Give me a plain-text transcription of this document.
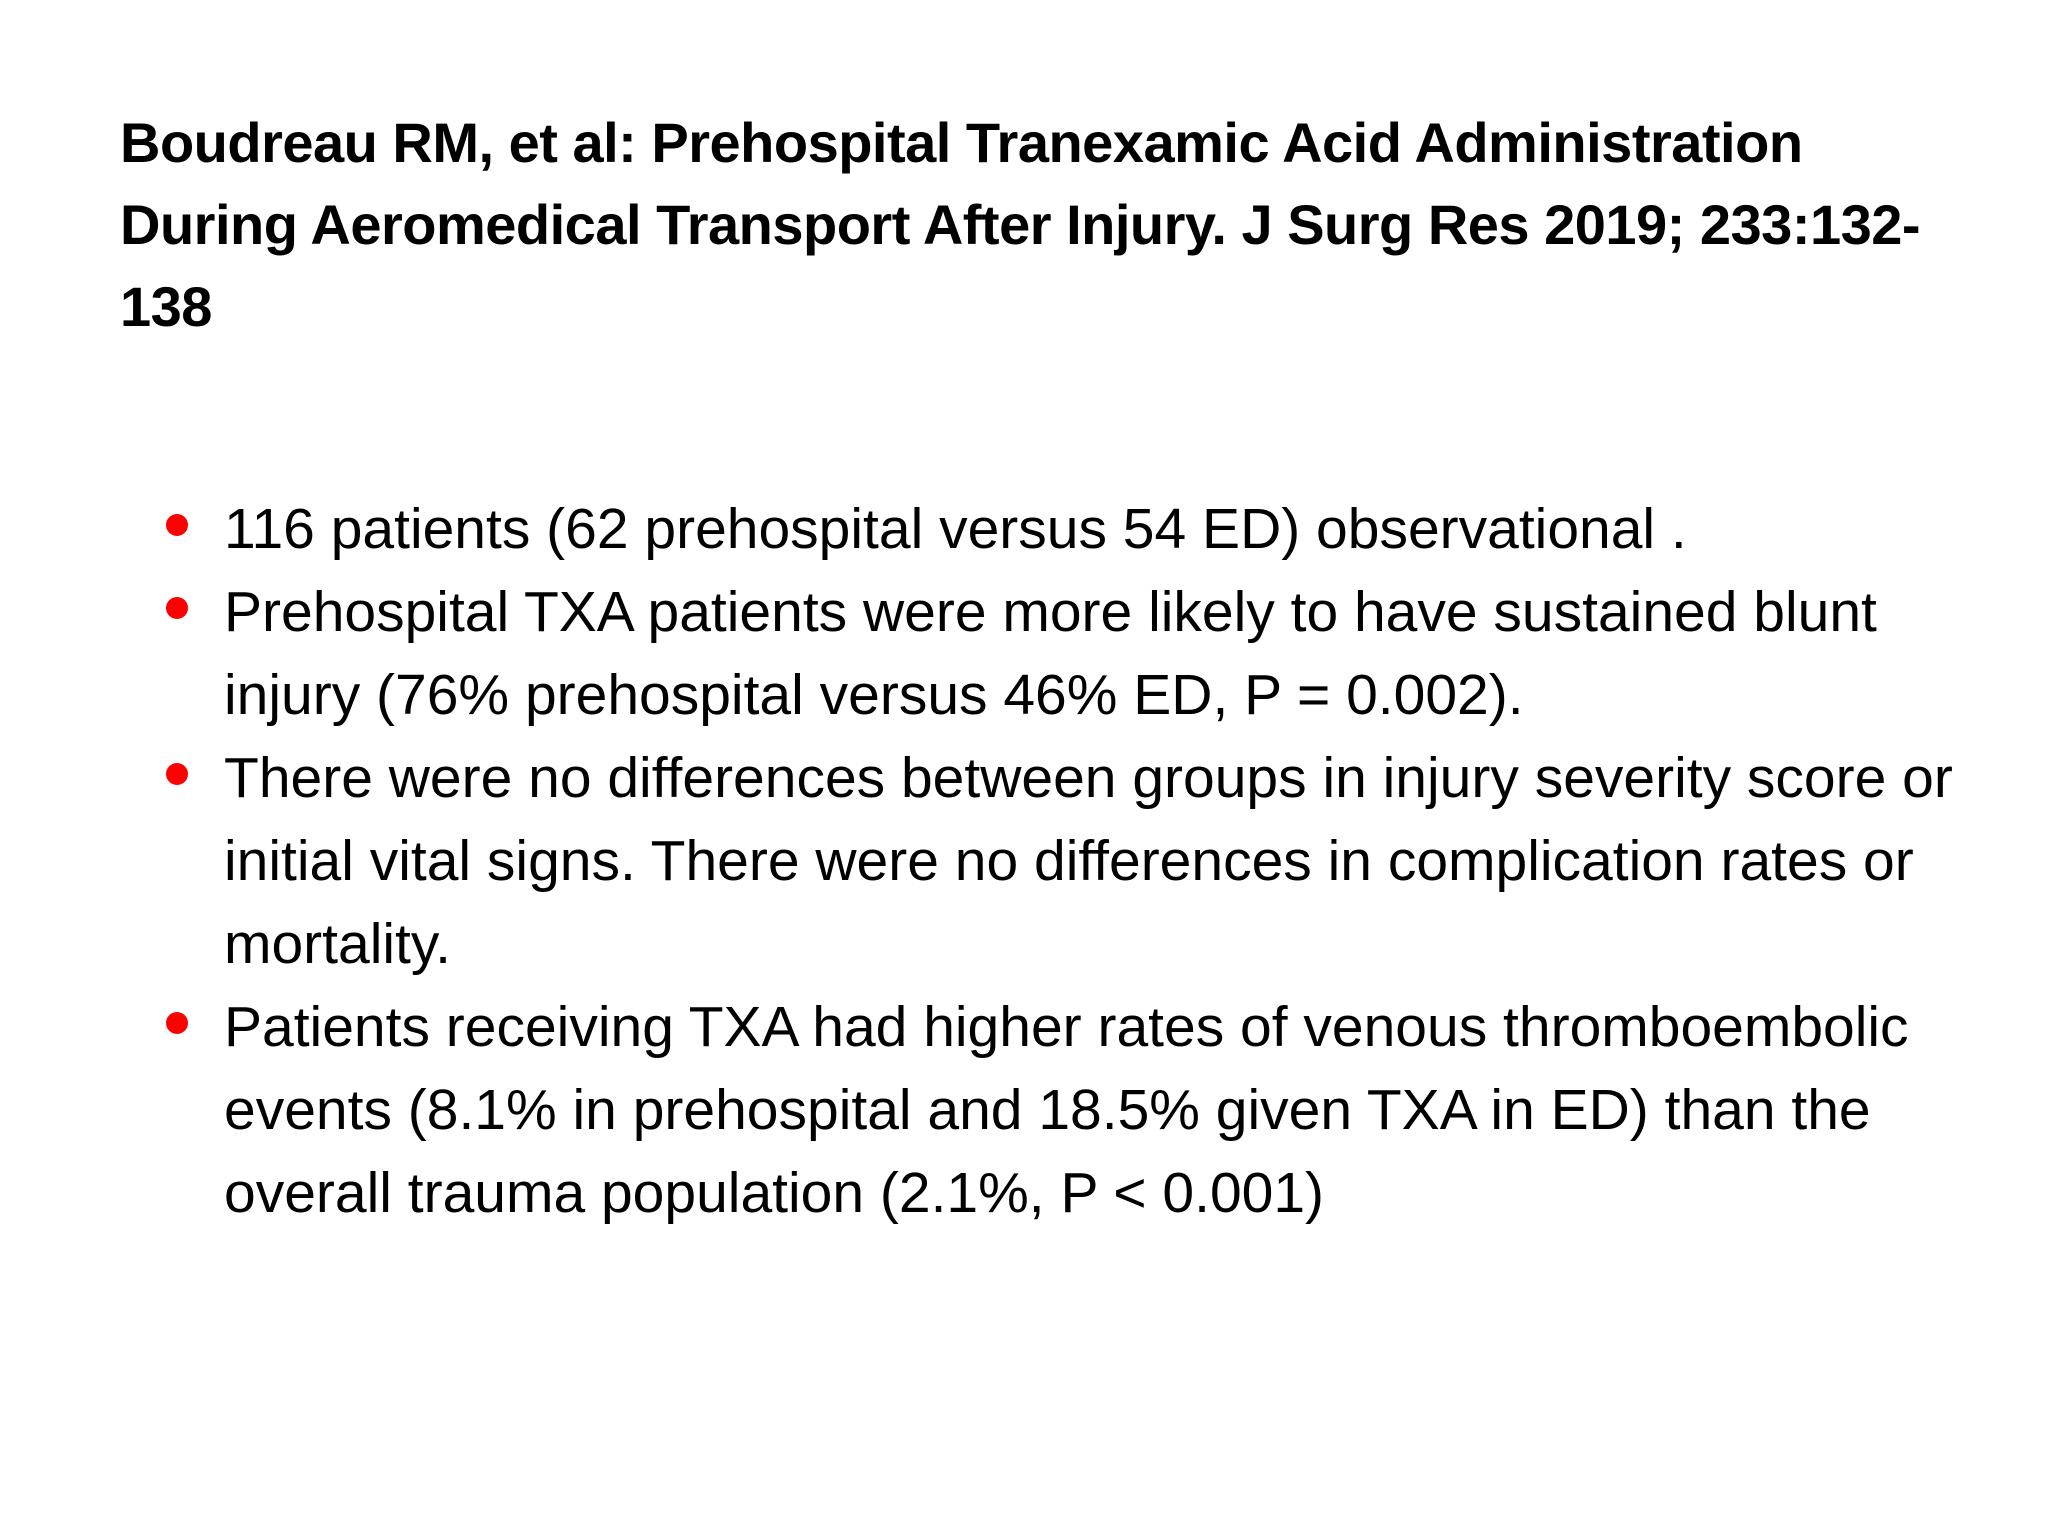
Boudreau RM, et al: Prehospital Tranexamic Acid Administration During Aeromedical Transport After Injury. J Surg Res 2019; 233:132-138
116 patients (62 prehospital versus 54 ED) observational .
Prehospital TXA patients were more likely to have sustained blunt injury (76% prehospital versus 46% ED, P = 0.002).
There were no differences between groups in injury severity score or initial vital signs. There were no differences in complication rates or mortality.
Patients receiving TXA had higher rates of venous thromboembolic events (8.1% in prehospital and 18.5% given TXA in ED) than the overall trauma population (2.1%, P < 0.001)
